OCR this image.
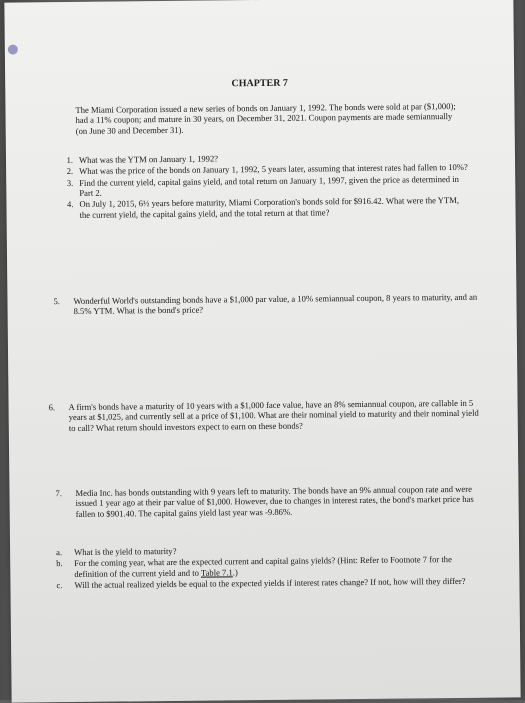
CHAPTER 7
The Miami Corporation issued a new series of bonds on January 1, 1992. The bonds were sold at par ($1,000); had a 11% coupon; and mature in 30 years, on December 31, 2021. Coupon payments are made semiannually (on June 30 and December 31).
1. What was the YTM on January 1, 1992?
2. What was the price of the bonds on January 1, 1992, 5 years later, assuming that interest rates had fallen to 10%?
3. Find the current yield, capital gains yield, and total return on January 1, 1997, given the price as determined in Part 2.
4. On July 1, 2015, 6½ years before maturity, Miami Corporation's bonds sold for $916.42. What were the YTM, the current yield, the capital gains yield, and the total return at that time?
5.	Wonderful World's outstanding bonds have a $1,000 par value, a 10% semiannual coupon, 8 years to maturity, and an 8.5% YTM. What is the bond's price?
6.	A firm's bonds have a maturity of 10 years with a $1,000 face value, have an 8% semiannual coupon, are callable in 5 years at $1,025, and currently sell at a price of $1,100. What are their nominal yield to maturity and their nominal yield to call? What return should investors expect to earn on these bonds?
7.	Media Inc. has bonds outstanding with 9 years left to maturity. The bonds have an 9% annual coupon rate and were issued 1 year ago at their par value of $1,000. However, due to changes in interest rates, the bond's market price has fallen to $901.40. The capital gains yield last year was -9.86%.
a.	What is the yield to maturity?
b.	For the coming year, what are the expected current and capital gains yields? (Hint: Refer to Footnote 7 for the definition of the current yield and to Table 7.1.)
c.	Will the actual realized yields be equal to the expected yields if interest rates change? If not, how will they differ?
